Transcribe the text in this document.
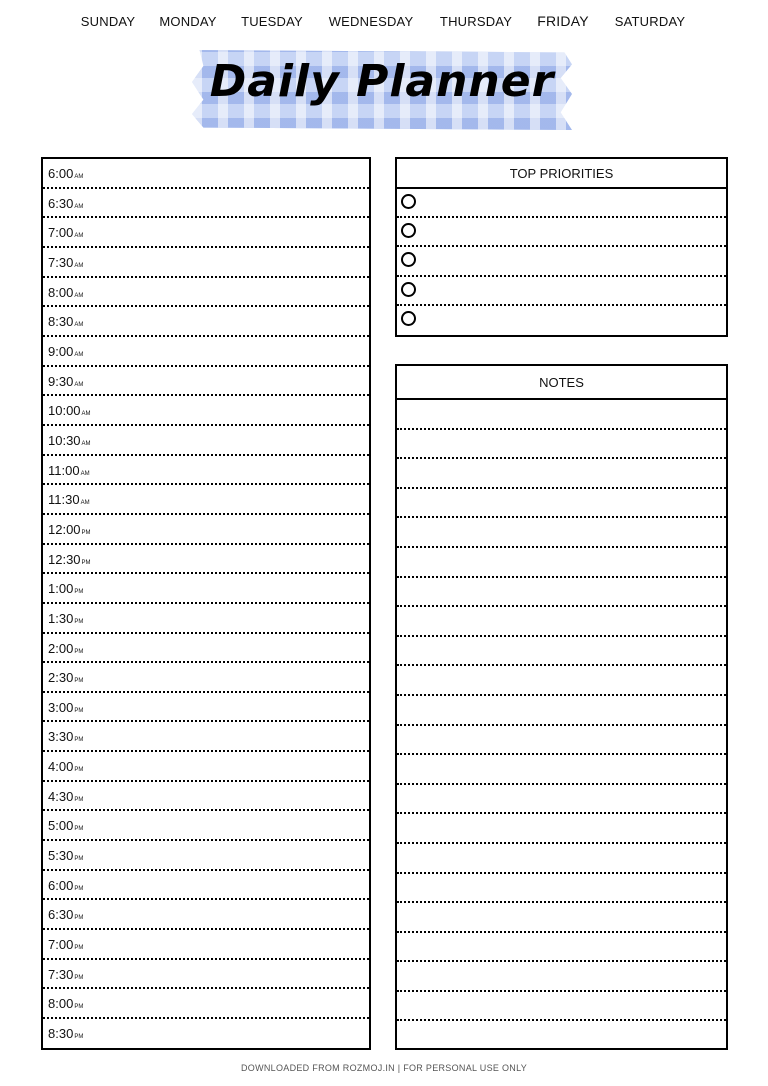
SUNDAY MONDAY TUESDAY WEDNESDAY THURSDAY FRIDAY SATURDAY
Daily Planner
6:00AM
6:30AM
7:00AM
7:30AM
8:00AM
8:30AM
9:00AM
9:30AM
10:00AM
10:30AM
11:00AM
11:30AM
12:00PM
12:30PM
1:00PM
1:30PM
2:00PM
2:30PM
3:00PM
3:30PM
4:00PM
4:30PM
5:00PM
5:30PM
6:00PM
6:30PM
7:00PM
7:30PM
8:00PM
8:30PM
TOP PRIORITIES
NOTES
DOWNLOADED FROM ROZMOJ.IN | FOR PERSONAL USE ONLY
